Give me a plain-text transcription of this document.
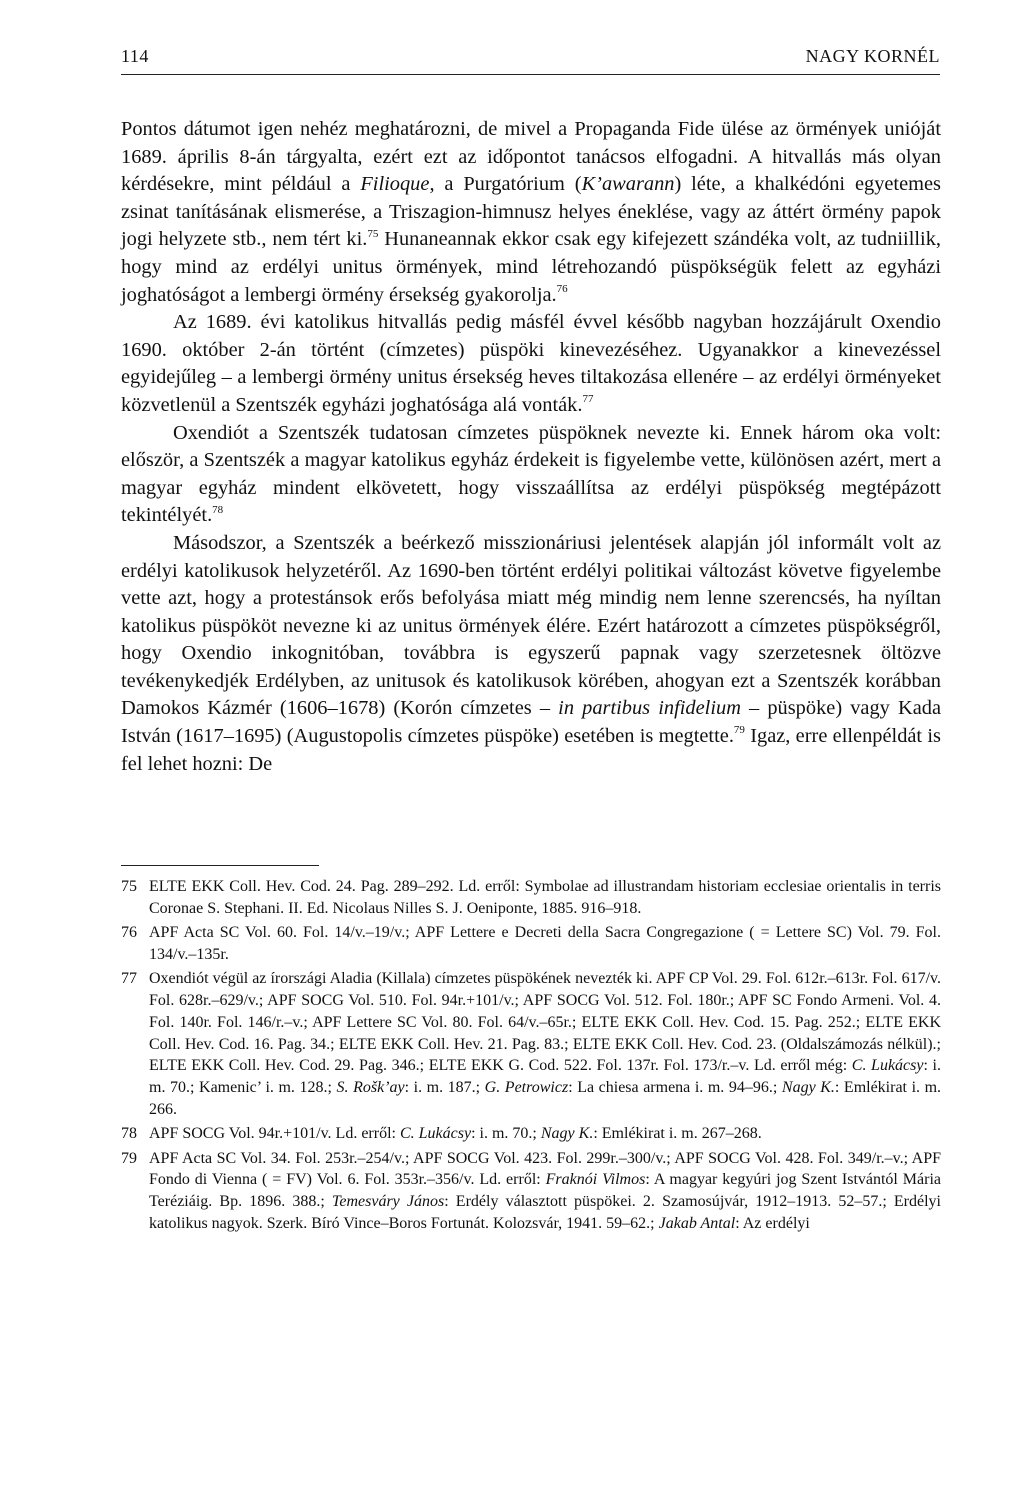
114	NAGY KORNÉL

Pontos dátumot igen nehéz meghatározni, de mivel a Propaganda Fide ülése az örmények unióját 1689. április 8-án tárgyalta, ezért ezt az időpontot tanácsos elfogadni. A hitvallás más olyan kérdésekre, mint például a Filioque, a Purgatórium (K’awarann) léte, a khalkédóni egyetemes zsinat tanításának elismerése, a Triszagion-himnusz helyes éneklése, vagy az áttért örmény papok jogi helyzete stb., nem tért ki.$^{75}$ Hunaneannak ekkor csak egy kifejezett szándéka volt, az tudniillik, hogy mind az erdélyi unitus örmények, mind létrehozandó püspökségük felett az egyházi joghatóságot a lembergi örmény érsekség gyakorolja.$^{76}$

Az 1689. évi katolikus hitvallás pedig másfél évvel később nagyban hozzájárult Oxendio 1690. október 2-án történt (címzetes) püspöki kinevezéséhez. Ugyanakkor a kinevezéssel egyidejűleg – a lembergi örmény unitus érsekség heves tiltakozása ellenére – az erdélyi örményeket közvetlenül a Szentszék egyházi joghatósága alá vonták.$^{77}$

Oxendiót a Szentszék tudatosan címzetes püspöknek nevezte ki. Ennek három oka volt: először, a Szentszék a magyar katolikus egyház érdekeit is figyelembe vette, különösen azért, mert a magyar egyház mindent elkövetett, hogy visszaállítsa az erdélyi püspökség megtépázott tekintélyét.$^{78}$

Másodszor, a Szentszék a beérkező misszionáriusi jelentések alapján jól informált volt az erdélyi katolikusok helyzetéről. Az 1690-ben történt erdélyi politikai változást követve figyelembe vette azt, hogy a protestánsok erős befolyása miatt még mindig nem lenne szerencsés, ha nyíltan katolikus püspököt nevezne ki az unitus örmények élére. Ezért határozott a címzetes püspökségről, hogy Oxendio inkognitóban, továbbra is egyszerű papnak vagy szerzetesnek öltözve tevékenykedjék Erdélyben, az unitusok és katolikusok körében, ahogyan ezt a Szentszék korábban Damokos Kázmér (1606–1678) (Korón címzetes – in partibus infidelium – püspöke) vagy Kada István (1617–1695) (Augustopolis címzetes püspöke) esetében is megtette.$^{79}$ Igaz, erre ellenpéldát is fel lehet hozni: De

75 ELTE EKK Coll. Hev. Cod. 24. Pag. 289–292. Ld. erről: Symbolae ad illustrandam historiam ecclesiae orientalis in terris Coronae S. Stephani. II. Ed. Nicolaus Nilles S. J. Oeniponte, 1885. 916–918.
76 APF Acta SC Vol. 60. Fol. 14/v.–19/v.; APF Lettere e Decreti della Sacra Congregazione ( = Lettere SC) Vol. 79. Fol. 134/v.–135r.
77 Oxendiót végül az írországi Aladia (Killala) címzetes püspökének nevezték ki. APF CP Vol. 29. Fol. 612r.–613r. Fol. 617/v. Fol. 628r.–629/v.; APF SOCG Vol. 510. Fol. 94r.+101/v.; APF SOCG Vol. 512. Fol. 180r.; APF SC Fondo Armeni. Vol. 4. Fol. 140r. Fol. 146/r.–v.; APF Lettere SC Vol. 80. Fol. 64/v.–65r.; ELTE EKK Coll. Hev. Cod. 15. Pag. 252.; ELTE EKK Coll. Hev. Cod. 16. Pag. 34.; ELTE EKK Coll. Hev. 21. Pag. 83.; ELTE EKK Coll. Hev. Cod. 23. (Oldalszámozás nélkül).; ELTE EKK Coll. Hev. Cod. 29. Pag. 346.; ELTE EKK G. Cod. 522. Fol. 137r. Fol. 173/r.–v. Ld. erről még: C. Lukácsy: i. m. 70.; Kamenic’ i. m. 128.; S. Rošk’ay: i. m. 187.; G. Petrowicz: La chiesa armena i. m. 94–96.; Nagy K.: Emlékirat i. m. 266.
78 APF SOCG Vol. 94r.+101/v. Ld. erről: C. Lukácsy: i. m. 70.; Nagy K.: Emlékirat i. m. 267–268.
79 APF Acta SC Vol. 34. Fol. 253r.–254/v.; APF SOCG Vol. 423. Fol. 299r.–300/v.; APF SOCG Vol. 428. Fol. 349/r.–v.; APF Fondo di Vienna ( = FV) Vol. 6. Fol. 353r.–356/v. Ld. erről: Fraknói Vilmos: A magyar kegyúri jog Szent Istvántól Mária Teréziáig. Bp. 1896. 388.; Temesváry János: Erdély választott püspökei. 2. Szamosújvár, 1912–1913. 52–57.; Erdélyi katolikus nagyok. Szerk. Bíró Vince–Boros Fortunát. Kolozsvár, 1941. 59–62.; Jakab Antal: Az erdélyi
